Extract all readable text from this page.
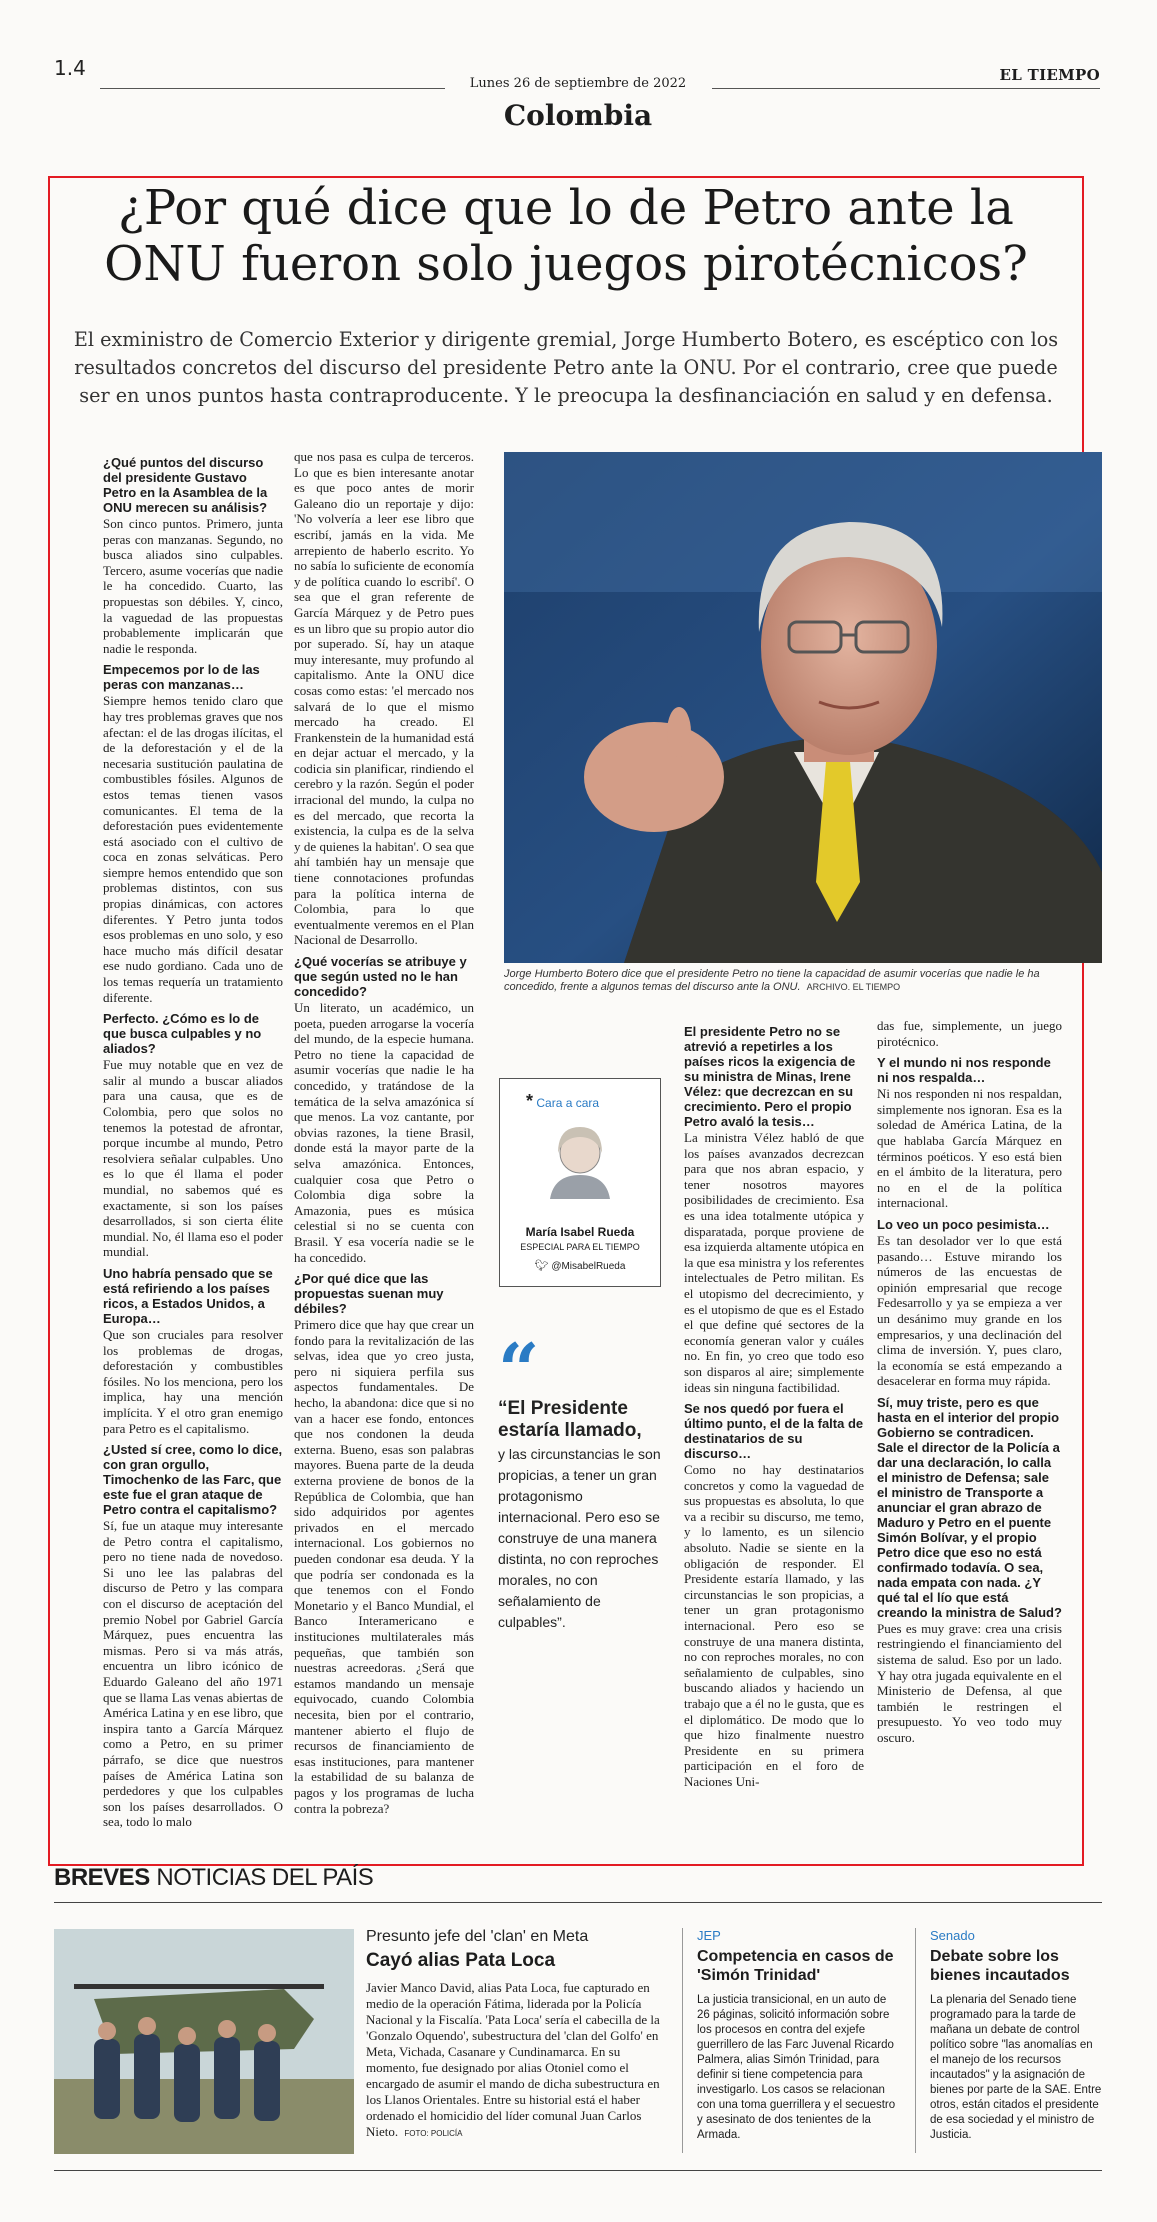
1.4
Lunes 26 de septiembre de 2022	EL TIEMPO
Colombia
¿Por qué dice que lo de Petro ante la
ONU fueron solo juegos pirotécnicos?
El exministro de Comercio Exterior y dirigente gremial, Jorge Humberto Botero, es escéptico con los
resultados concretos del discurso del presidente Petro ante la ONU. Por el contrario, cree que puede
ser en unos puntos hasta contraproducente. Y le preocupa la desfinanciación en salud y en defensa.

¿Qué puntos del discurso del presidente Gustavo Petro en la Asamblea de la ONU merecen su análisis?

Son cinco puntos. Primero, junta peras con manzanas. Segundo, no busca aliados sino culpables. Tercero, asume vocerías que nadie le ha concedido. Cuarto, las propuestas son débiles. Y, cinco, la vaguedad de las propuestas probablemente implicarán que nadie le responda.

Empecemos por lo de las peras con manzanas…

Siempre hemos tenido claro que hay tres problemas graves que nos afectan: el de las drogas ilícitas, el de la deforestación y el de la necesaria sustitución paulatina de combustibles fósiles. Algunos de estos temas tienen vasos comunicantes. El tema de la deforestación pues evidentemente está asociado con el cultivo de coca en zonas selváticas. Pero siempre hemos entendido que son problemas distintos, con sus propias dinámicas, con actores diferentes. Y Petro junta todos esos problemas en uno solo, y eso hace mucho más difícil desatar ese nudo gordiano. Cada uno de los temas requería un tratamiento diferente.

Perfecto. ¿Cómo es lo de que busca culpables y no aliados?

Fue muy notable que en vez de salir al mundo a buscar aliados para una causa, que es de Colombia, pero que solos no tenemos la potestad de afrontar, porque incumbe al mundo, Petro resolviera señalar culpables. Uno es lo que él llama el poder mundial, no sabemos qué es exactamente, si son los países desarrollados, si son cierta élite mundial. No, él llama eso el poder mundial.

Uno habría pensado que se está refiriendo a los países ricos, a Estados Unidos, a Europa…

Que son cruciales para resolver los problemas de drogas, deforestación y combustibles fósiles. No los menciona, pero los implica, hay una mención implícita. Y el otro gran enemigo para Petro es el capitalismo.

¿Usted sí cree, como lo dice, con gran orgullo, Timochenko de las Farc, que este fue el gran ataque de Petro contra el capitalismo?

Sí, fue un ataque muy interesante de Petro contra el capitalismo, pero no tiene nada de novedoso. Si uno lee las palabras del discurso de Petro y las compara con el discurso de aceptación del premio Nobel por Gabriel García Márquez, pues encuentra las mismas. Pero si va más atrás, encuentra un libro icónico de Eduardo Galeano del año 1971 que se llama Las venas abiertas de América Latina y en ese libro, que inspira tanto a García Márquez como a Petro, en su primer párrafo, se dice que nuestros países de América Latina son perdedores y que los culpables son los países desarrollados. O sea, todo lo malo

que nos pasa es culpa de terceros. Lo que es bien interesante anotar es que poco antes de morir Galeano dio un reportaje y dijo: 'No volvería a leer ese libro que escribí, jamás en la vida. Me arrepiento de haberlo escrito. Yo no sabía lo suficiente de economía y de política cuando lo escribí'. O sea que el gran referente de García Márquez y de Petro pues es un libro que su propio autor dio por superado. Sí, hay un ataque muy interesante, muy profundo al capitalismo. Ante la ONU dice cosas como estas: 'el mercado nos salvará de lo que el mismo mercado ha creado. El Frankenstein de la humanidad está en dejar actuar el mercado, y la codicia sin planificar, rindiendo el cerebro y la razón. Según el poder irracional del mundo, la culpa no es del mercado, que recorta la existencia, la culpa es de la selva y de quienes la habitan'. O sea que ahí también hay un mensaje que tiene connotaciones profundas para la política interna de Colombia, para lo que eventualmente veremos en el Plan Nacional de Desarrollo.

¿Qué vocerías se atribuye y que según usted no le han concedido?

Un literato, un académico, un poeta, pueden arrogarse la vocería del mundo, de la especie humana. Petro no tiene la capacidad de asumir vocerías que nadie le ha concedido, y tratándose de la temática de la selva amazónica sí que menos. La voz cantante, por obvias razones, la tiene Brasil, donde está la mayor parte de la selva amazónica. Entonces, cualquier cosa que Petro o Colombia diga sobre la Amazonia, pues es música celestial si no se cuenta con Brasil. Y esa vocería nadie se le ha concedido.

¿Por qué dice que las propuestas suenan muy débiles?

Primero dice que hay que crear un fondo para la revitalización de las selvas, idea que yo creo justa, pero ni siquiera perfila sus aspectos fundamentales. De hecho, la abandona: dice que si no van a hacer ese fondo, entonces que nos condonen la deuda externa. Bueno, esas son palabras mayores. Buena parte de la deuda externa proviene de bonos de la República de Colombia, que han sido adquiridos por agentes privados en el mercado internacional. Los gobiernos no pueden condonar esa deuda. Y la que podría ser condonada es la que tenemos con el Fondo Monetario y el Banco Mundial, el Banco Interamericano e instituciones multilaterales más pequeñas, que también son nuestras acreedoras. ¿Será que estamos mandando un mensaje equivocado, cuando Colombia necesita, bien por el contrario, mantener abierto el flujo de recursos de financiamiento de esas instituciones, para mantener la estabilidad de su balanza de pagos y los programas de lucha contra la pobreza?

Jorge Humberto Botero dice que el presidente Petro no tiene la capacidad de asumir vocerías que nadie le ha concedido, frente a algunos temas del discurso ante la ONU. ARCHIVO. EL TIEMPO
* Cara a cara
María Isabel Rueda
ESPECIAL PARA EL TIEMPO
🐦︎ @MisabelRueda
“
“El Presidente estaría llamado,
y las circunstancias le son propicias, a tener un gran protagonismo internacional. Pero eso se construye de una manera distinta, no con reproches morales, no con señalamiento de culpables”.

El presidente Petro no se atrevió a repetirles a los países ricos la exigencia de su ministra de Minas, Irene Vélez: que decrezcan en su crecimiento. Pero el propio Petro avaló la tesis…

La ministra Vélez habló de que los países avanzados decrezcan para que nos abran espacio, y tener nosotros mayores posibilidades de crecimiento. Esa es una idea totalmente utópica y disparatada, porque proviene de esa izquierda altamente utópica en la que esa ministra y los referentes intelectuales de Petro militan. Es el utopismo del decrecimiento, y es el utopismo de que es el Estado el que define qué sectores de la economía generan valor y cuáles no. En fin, yo creo que todo eso son disparos al aire; simplemente ideas sin ninguna factibilidad.

Se nos quedó por fuera el último punto, el de la falta de destinatarios de su discurso…

Como no hay destinatarios concretos y como la vaguedad de sus propuestas es absoluta, lo que va a recibir su discurso, me temo, y lo lamento, es un silencio absoluto. Nadie se siente en la obligación de responder. El Presidente estaría llamado, y las circunstancias le son propicias, a tener un gran protagonismo internacional. Pero eso se construye de una manera distinta, no con reproches morales, no con señalamiento de culpables, sino buscando aliados y haciendo un trabajo que a él no le gusta, que es el diplomático. De modo que lo que hizo finalmente nuestro Presidente en su primera participación en el foro de Naciones Uni-

das fue, simplemente, un juego pirotécnico.

Y el mundo ni nos responde ni nos respalda…

Ni nos responden ni nos respaldan, simplemente nos ignoran. Esa es la soledad de América Latina, de la que hablaba García Márquez en términos poéticos. Y eso está bien en el ámbito de la literatura, pero no en el de la política internacional.

Lo veo un poco pesimista…

Es tan desolador ver lo que está pasando… Estuve mirando los números de las encuestas de opinión empresarial que recoge Fedesarrollo y ya se empieza a ver un desánimo muy grande en los empresarios, y una declinación del clima de inversión. Y, pues claro, la economía se está empezando a desacelerar en forma muy rápida.

Sí, muy triste, pero es que hasta en el interior del propio Gobierno se contradicen. Sale el director de la Policía a dar una declaración, lo calla el ministro de Defensa; sale el ministro de Transporte a anunciar el gran abrazo de Maduro y Petro en el puente Simón Bolívar, y el propio Petro dice que eso no está confirmado todavía. O sea, nada empata con nada. ¿Y qué tal el lío que está creando la ministra de Salud?

Pues es muy grave: crea una crisis restringiendo el financiamiento del sistema de salud. Eso por un lado. Y hay otra jugada equivalente en el Ministerio de Defensa, al que también le restringen el presupuesto. Yo veo todo muy oscuro.

BREVES NOTICIAS DEL PAÍS
Presunto jefe del 'clan' en Meta
Cayó alias Pata Loca
Javier Manco David, alias Pata Loca, fue capturado en medio de la operación Fátima, liderada por la Policía Nacional y la Fiscalía. 'Pata Loca' sería el cabecilla de la 'Gonzalo Oquendo', subestructura del 'clan del Golfo' en Meta, Vichada, Casanare y Cundinamarca. En su momento, fue designado por alias Otoniel como el encargado de asumir el mando de dicha subestructura en los Llanos Orientales. Entre su historial está el haber ordenado el homicidio del líder comunal Juan Carlos Nieto. FOTO: POLICÍA
JEP
Competencia en casos de 'Simón Trinidad'
La justicia transicional, en un auto de 26 páginas, solicitó información sobre los procesos en contra del exjefe guerrillero de las Farc Juvenal Ricardo Palmera, alias Simón Trinidad, para definir si tiene competencia para investigarlo. Los casos se relacionan con una toma guerrillera y el secuestro y asesinato de dos tenientes de la Armada.
Senado
Debate sobre los bienes incautados
La plenaria del Senado tiene programado para la tarde de mañana un debate de control político sobre "las anomalías en el manejo de los recursos incautados" y la asignación de bienes por parte de la SAE. Entre otros, están citados el presidente de esa sociedad y el ministro de Justicia.
